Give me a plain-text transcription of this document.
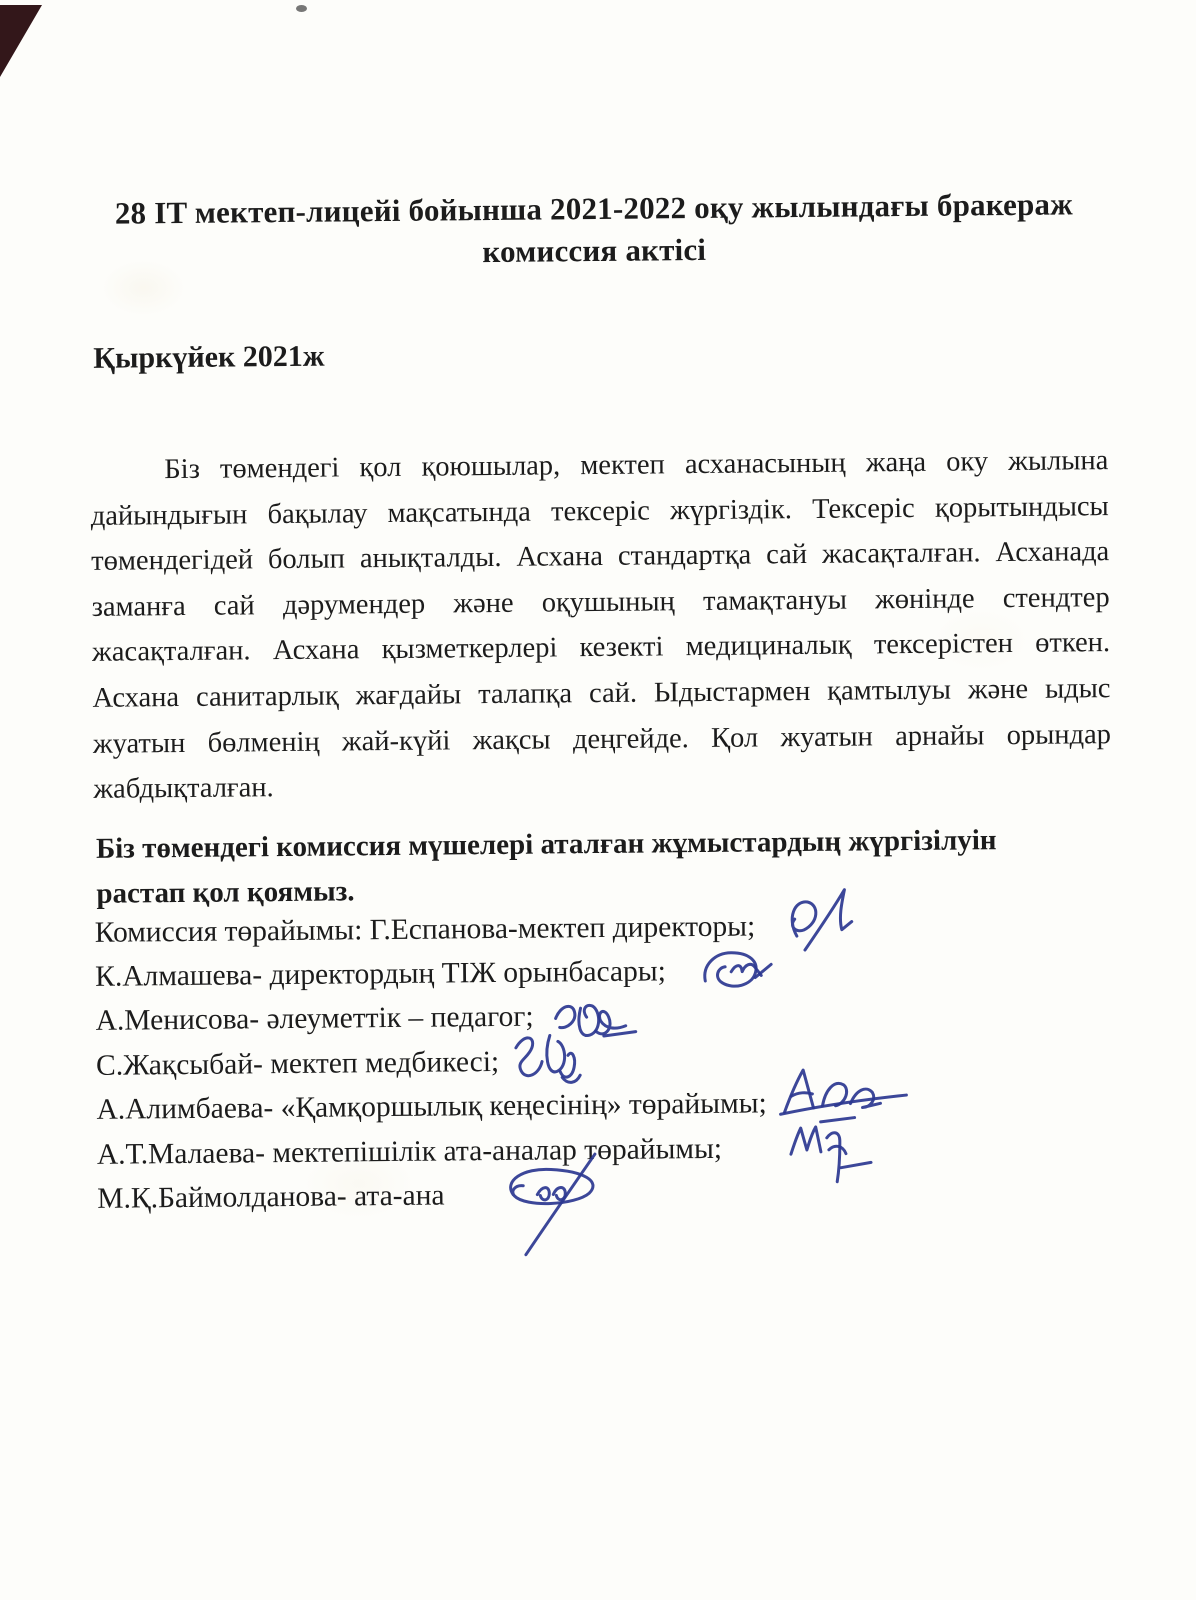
28 IT мектеп-лицейі бойынша 2021-2022 оқу жылындағы бракераж
комиссия актісі
Қыркүйек 2021ж

Біз төмендегі қол қоюшылар, мектеп асханасының жаңа оку жылына дайындығын бақылау мақсатында тексеріс жүргіздік. Тексеріс қорытындысы төмендегідей болып анықталды. Асхана стандартқа сай жасақталған. Асханада заманға сай дәрумендер және оқушының тамақтануы жөнінде стендтер жасақталған. Асхана қызметкерлері кезекті медициналық тексерістен өткен. Асхана санитарлық жағдайы талапқа сай. Ыдыстармен қамтылуы және ыдыс жуатын бөлменің жай-күйі жақсы деңгейде. Қол жуатын арнайы орындар жабдықталған.

Біз төмендегі комиссия мүшелері аталған жұмыстардың жүргізілуін растап қол қоямыз.
Комиссия төрайымы: Г.Еспанова-мектеп директоры;
К.Алмашева- директордың ТІЖ орынбасары;
А.Менисова- әлеуметтік – педагог;
С.Жақсыбай- мектеп медбикесі;
А.Алимбаева- «Қамқоршылық кеңесінің» төрайымы;
А.Т.Малаева- мектепішілік ата-аналар төрайымы;
М.Қ.Баймолданова- ата-ана
